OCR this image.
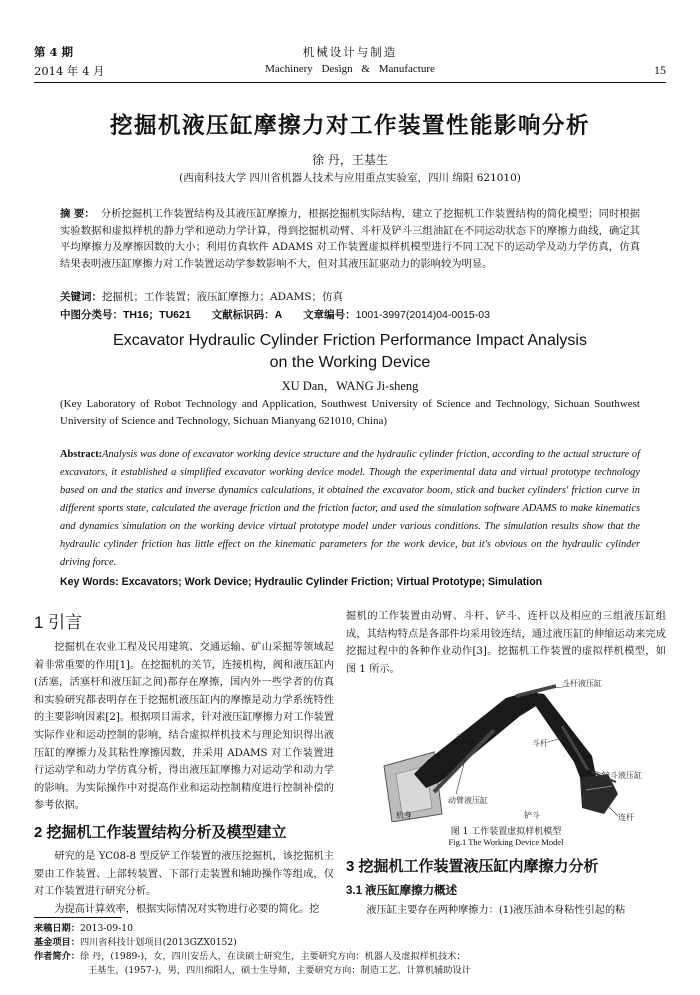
第 4 期
2014 年 4 月
机械设计与制造
Machinery Design & Manufacture	15
挖掘机液压缸摩擦力对工作装置性能影响分析
徐 丹，王基生
(西南科技大学 四川省机器人技术与应用重点实验室，四川 绵阳 621010)
摘 要： 分析挖掘机工作装置结构及其液压缸摩擦力，根据挖掘机实际结构，建立了挖掘机工作装置结构的简化模型；同时根据实验数据和虚拟样机的静力学和逆动力学计算，得到挖掘机动臂、斗杆及铲斗三组油缸在不同运动状态下的摩擦力曲线，确定其平均摩擦力及摩擦因数的大小；利用仿真软件 ADAMS 对工作装置虚拟样机模型进行不同工况下的运动学及动力学仿真，仿真结果表明液压缸摩擦力对工作装置运动学参数影响不大，但对其液压缸驱动力的影响较为明显。
关键词：挖掘机；工作装置；液压缸摩擦力；ADAMS；仿真
中图分类号：TH16；TU621 文献标识码：A 文章编号：1001-3997(2014)04-0015-03
Excavator Hydraulic Cylinder Friction Performance Impact Analysis
on the Working Device
XU Dan，WANG Ji-sheng
(Key Laboratory of Robot Technology and Application, Southwest University of Science and Technology, Sichuan Southwest University of Science and Technology, Sichuan Mianyang 621010, China)
Abstract:Analysis was done of excavator working device structure and the hydraulic cylinder friction, according to the actual structure of excavators, it established a simplified excavator working device model. Though the experimental data and virtual prototype technology based on and the statics and inverse dynamics calculations, it obtained the excavator boom, stick and bucket cylinders' friction curve in different sports state, calculated the average friction and the friction factor, and used the simulation software ADAMS to make kinematics and dynamics simulation on the working device virtual prototype model under various conditions. The simulation results show that the hydraulic cylinder friction has little effect on the kinematic parameters for the work device, but it's obvious on the hydraulic cylinder driving force.
Key Words: Excavators; Work Device; Hydraulic Cylinder Friction; Virtual Prototype; Simulation
1 引言

挖掘机在农业工程及民用建筑、交通运输、矿山采掘等领域起着非常重要的作用[1]。在挖掘机的关节，连接机构，阀和液压缸内(活塞，活塞杆和液压缸之间)都存在摩擦，国内外一些学者的仿真和实验研究都表明存在于挖掘机液压缸内的摩擦是动力学系统特性的主要影响因素[2]。根据项目需求，针对液压缸摩擦力对工作装置实际作业和运动控制的影响，结合虚拟样机技术与理论知识得出液压缸的摩擦力及其粘性摩擦因数，并采用 ADAMS 对工作装置进行运动学和动力学仿真分析，得出液压缸摩擦力对运动学和动力学的影响。为实际操作中对提高作业和运动控制精度进行控制补偿的参考依据。

2 挖掘机工作装置结构分析及模型建立

研究的是 YC08-8 型反铲工作装置的液压挖掘机，该挖掘机主要由工作装置、上部转装置、下部行走装置和辅助操作等组成，仅对工作装置进行研究分析。

为提高计算效率，根据实际情况对实物进行必要的简化。挖

掘机的工作装置由动臂、斗杆、铲斗、连杆以及相应的三组液压缸组成，其结构特点是各部件均采用铰连结，通过液压缸的伸缩运动来完成挖掘过程中的各种作业动作[3]。挖掘机工作装置的虚拟样机模型，如图 1 所示。

斗杆液压缸
动臂
斗杆
铲斗液压缸
动臂液压缸
机身	铲斗	连杆
图 1 工作装置虚拟样机模型
Fig.1 The Working Device Model
3 挖掘机工作装置液压缸内摩擦力分析
3.1 液压缸摩擦力概述

液压缸主要存在两种摩擦力：(1)液压油本身粘性引起的粘

来稿日期：2013-09-10
基金项目：四川省科技计划项目(2013GZX0152)
作者简介：徐 丹，(1989-)，女，四川安岳人，在读硕士研究生，主要研究方向：机器人及虚拟样机技术；
王基生，(1957-)，男，四川绵阳人，硕士生导师，主要研究方向：制造工艺、计算机辅助设计
